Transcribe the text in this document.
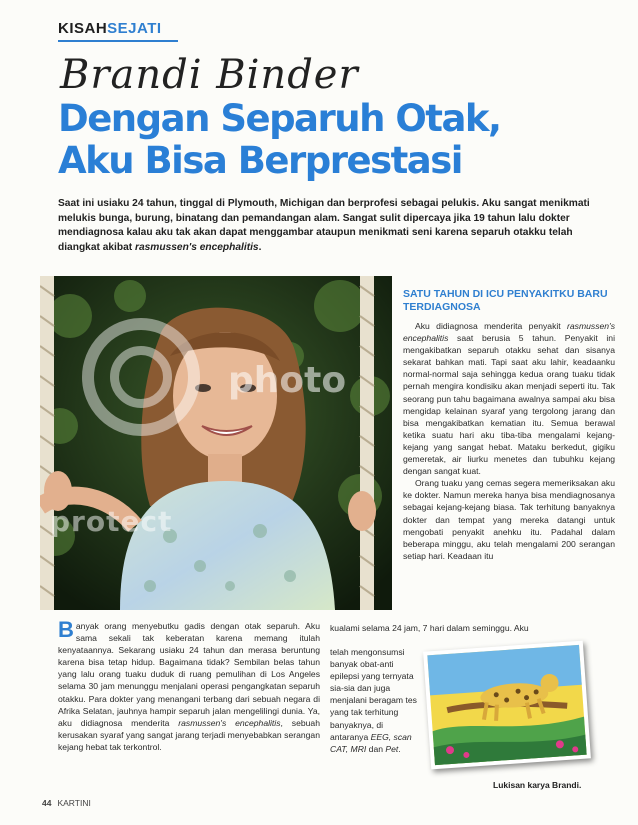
KISAHSEJATI
Brandi Binder
Dengan Separuh Otak,
Aku Bisa Berprestasi
Saat ini usiaku 24 tahun, tinggal di Plymouth, Michigan dan berprofesi sebagai pelukis. Aku sangat menikmati melukis bunga, burung, binatang dan pemandangan alam. Sangat sulit dipercaya jika 19 tahun lalu dokter mendiagnosa kalau aku tak akan dapat menggambar ataupun menikmati seni karena separuh otakku telah diangkat akibat rasmussen's encephalitis.
photo
protect
SATU TAHUN DI ICU PENYAKITKU BARU TERDIAGNOSA

Aku didiagnosa menderita penyakit rasmussen's encephalitis saat berusia 5 tahun. Penyakit ini mengakibatkan separuh otakku sehat dan sisanya sekarat bahkan mati. Tapi saat aku lahir, keadaanku normal-normal saja sehingga kedua orang tuaku tidak pernah mengira kondisiku akan menjadi seperti itu. Tak seorang pun tahu bagaimana awalnya sampai aku bisa mengidap kelainan syaraf yang tergolong jarang dan bisa mengakibatkan kematian itu. Semua berawal ketika suatu hari aku tiba-tiba mengalami kejang-kejang yang sangat hebat. Mataku berkedut, gigiku gemeretak, air liurku menetes dan tubuhku kejang dengan sangat kuat.

Orang tuaku yang cemas segera memeriksakan aku ke dokter. Namun mereka hanya bisa mendiagnosanya sebagai kejang-kejang biasa. Tak terhitung banyaknya dokter dan tempat yang mereka datangi untuk mengobati penyakit anehku itu. Padahal dalam beberapa minggu, aku telah mengalami 200 serangan setiap hari. Keadaan itu

Banyak orang menyebutku gadis dengan otak separuh. Aku sama sekali tak keberatan karena memang itulah kenyataannya. Sekarang usiaku 24 tahun dan merasa beruntung karena bisa tetap hidup. Bagaimana tidak? Sembilan belas tahun yang lalu orang tuaku duduk di ruang pemulihan di Los Angeles selama 30 jam menunggu menjalani operasi pengangkatan separuh otakku. Para dokter yang menangani terbang dari sebuah negara di Afrika Selatan, jauhnya hampir separuh jalan mengelilingi dunia. Ya, aku didiagnosa menderita rasmussen's encephalitis, sebuah kerusakan syaraf yang sangat jarang terjadi menyebabkan serangan kejang hebat tak terkontrol.
kualami selama 24 jam, 7 hari dalam seminggu. Aku
telah mengonsumsi banyak obat-anti epilepsi yang ternyata sia-sia dan juga menjalani beragam tes yang tak terhitung banyaknya, di antaranya EEG, scan CAT, MRI dan Pet.
Lukisan karya Brandi.
44 KARTINI
